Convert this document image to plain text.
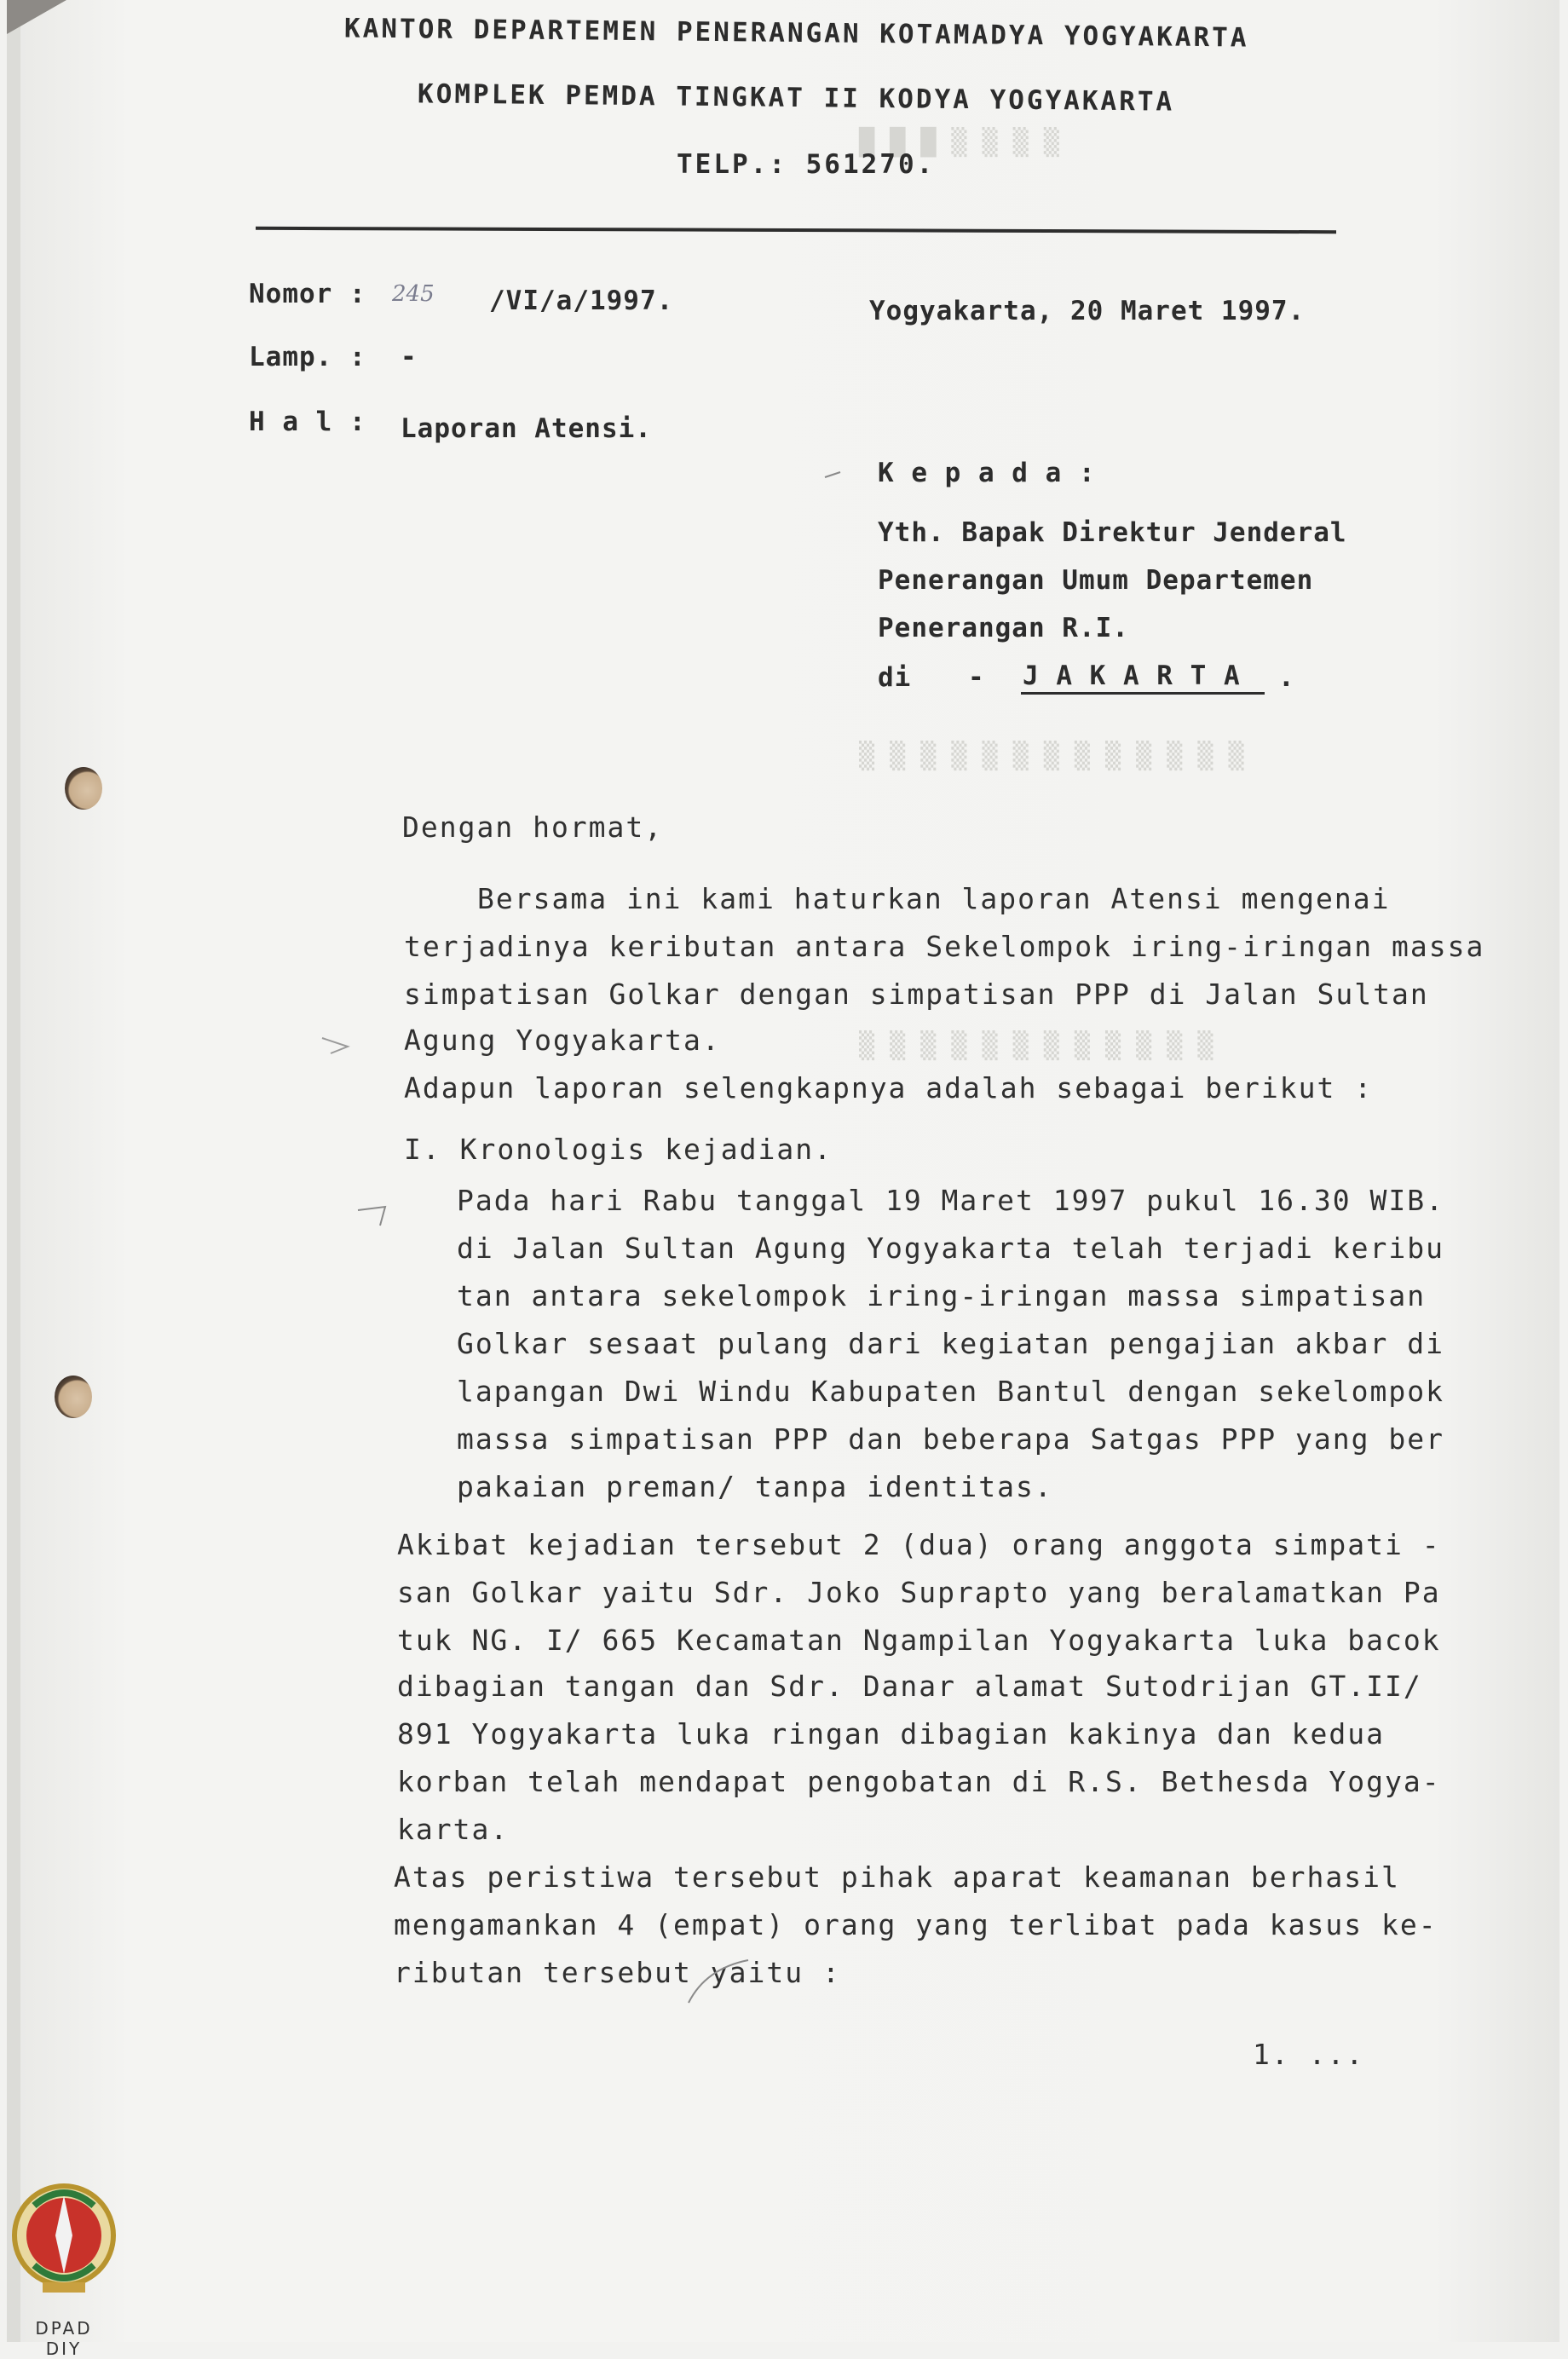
█ █ █ ▒ ▒ ▒ ▒
▒ ▒ ▒ ▒ ▒ ▒ ▒ ▒ ▒ ▒ ▒ ▒ ▒
▒ ▒ ▒ ▒ ▒ ▒ ▒ ▒ ▒ ▒ ▒ ▒
KANTOR DEPARTEMEN PENERANGAN KOTAMADYA YOGYAKARTA
KOMPLEK PEMDA TINGKAT II KODYA YOGYAKARTA
TELP.: 561270.
Nomor : 245 /VI/a/1997.	Yogyakarta, 20 Maret 1997.
Lamp. : -
H a l : Laporan Atensi.
K e p a d a :
Yth. Bapak Direktur Jenderal
Penerangan Umum Departemen
Penerangan R.I.
di - J A K A R T A .
Dengan hormat,
Bersama ini kami haturkan laporan Atensi mengenai
terjadinya keributan antara Sekelompok iring-iringan massa
simpatisan Golkar dengan simpatisan PPP di Jalan Sultan
Agung Yogyakarta.
Adapun laporan selengkapnya adalah sebagai berikut :
I. Kronologis kejadian.
Pada hari Rabu tanggal 19 Maret 1997 pukul 16.30 WIB.
di Jalan Sultan Agung Yogyakarta telah terjadi keribu
tan antara sekelompok iring-iringan massa simpatisan
Golkar sesaat pulang dari kegiatan pengajian akbar di
lapangan Dwi Windu Kabupaten Bantul dengan sekelompok
massa simpatisan PPP dan beberapa Satgas PPP yang ber
pakaian preman/ tanpa identitas.
Akibat kejadian tersebut 2 (dua) orang anggota simpati -
san Golkar yaitu Sdr. Joko Suprapto yang beralamatkan Pa
tuk NG. I/ 665 Kecamatan Ngampilan Yogyakarta luka bacok
dibagian tangan dan Sdr. Danar alamat Sutodrijan GT.II/
891 Yogyakarta luka ringan dibagian kakinya dan kedua
korban telah mendapat pengobatan di R.S. Bethesda Yogya-
karta.
Atas peristiwa tersebut pihak aparat keamanan berhasil
mengamankan 4 (empat) orang yang terlibat pada kasus ke-
ributan tersebut yaitu :
1. ...
DPAD
DIY
